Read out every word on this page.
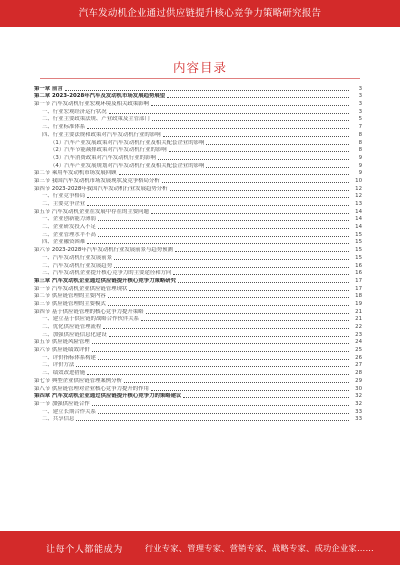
汽车发动机企业通过供应链提升核心竞争力策略研究报告
内容目录
第一章 前言	3
第二章 2023-2028年汽车及发动机市场发展趋势展望	3
第一节 汽车发动机行业宏观环境及相关政策影响	3
一、行业宏观经济运行状况	3
二、行业主要政策法规、产业政策及主管部门	5
三、行业标准体系	7
四、行业主要法规和政策对汽车发动机行业的影响	8
（1）汽车产业发展政策对汽车发动机行业及相关配套企业的影响	8
（2）汽车节能减排政策对汽车发动机行业的影响	8
（3）汽车消费政策对汽车发动机行业的影响	9
（4）汽车产业发展规划对汽车发动机行业及相关配套企业的影响	9
第二节 乘用车发动机市场发展回顾	9
第三节 我国汽车发动机市场发展现状及竞争格局分析	10
第四节 2023-2028年我国汽车发动机行业发展趋势分析	12
一、行业竞争格局	12
二、主要竞争企业	13
第五节 汽车发动机企业在发展中存在的主要问题	14
一、企业创新能力薄弱	14
二、企业研发投入不足	14
三、企业管理水平不高	15
四、企业融资困难	15
第六节 2023-2028年汽车发动机行业发展前景与趋势预测	15
一、汽车发动机行业发展前景	15
二、汽车发动机行业发展趋势	16
三、汽车发动机企业提升核心竞争力的主要途径和方向	16
第三章 汽车发动机企业通过供应链提升核心竞争力策略研究	17
第一节 汽车发动机企业供应链管理现状	17
第二节 供应链管理的主要内容	18
第三节 供应链管理的主要模式	19
第四节 基于供应链管理的核心竞争力提升策略	21
一、建立基于供应链的战略合作伙伴关系	21
二、优化供应链管理流程	22
三、加强供应链信息化建设	23
第五节 供应链风险管理	24
第六节 供应链绩效评价	25
一、评价指标体系构建	26
二、评价方法	27
三、绩效改进措施	28
第七节 典型企业供应链管理案例分析	29
第八节 供应链管理对企业核心竞争力提升的作用	30
第四章 汽车发动机企业通过供应链提升核心竞争力的策略建议	32
第一节 加强供应链合作	32
一、建立长期合作关系	33
二、共享信息	33
让每个人都能成为	行业专家、管理专家、营销专家、战略专家、成功企业家……
